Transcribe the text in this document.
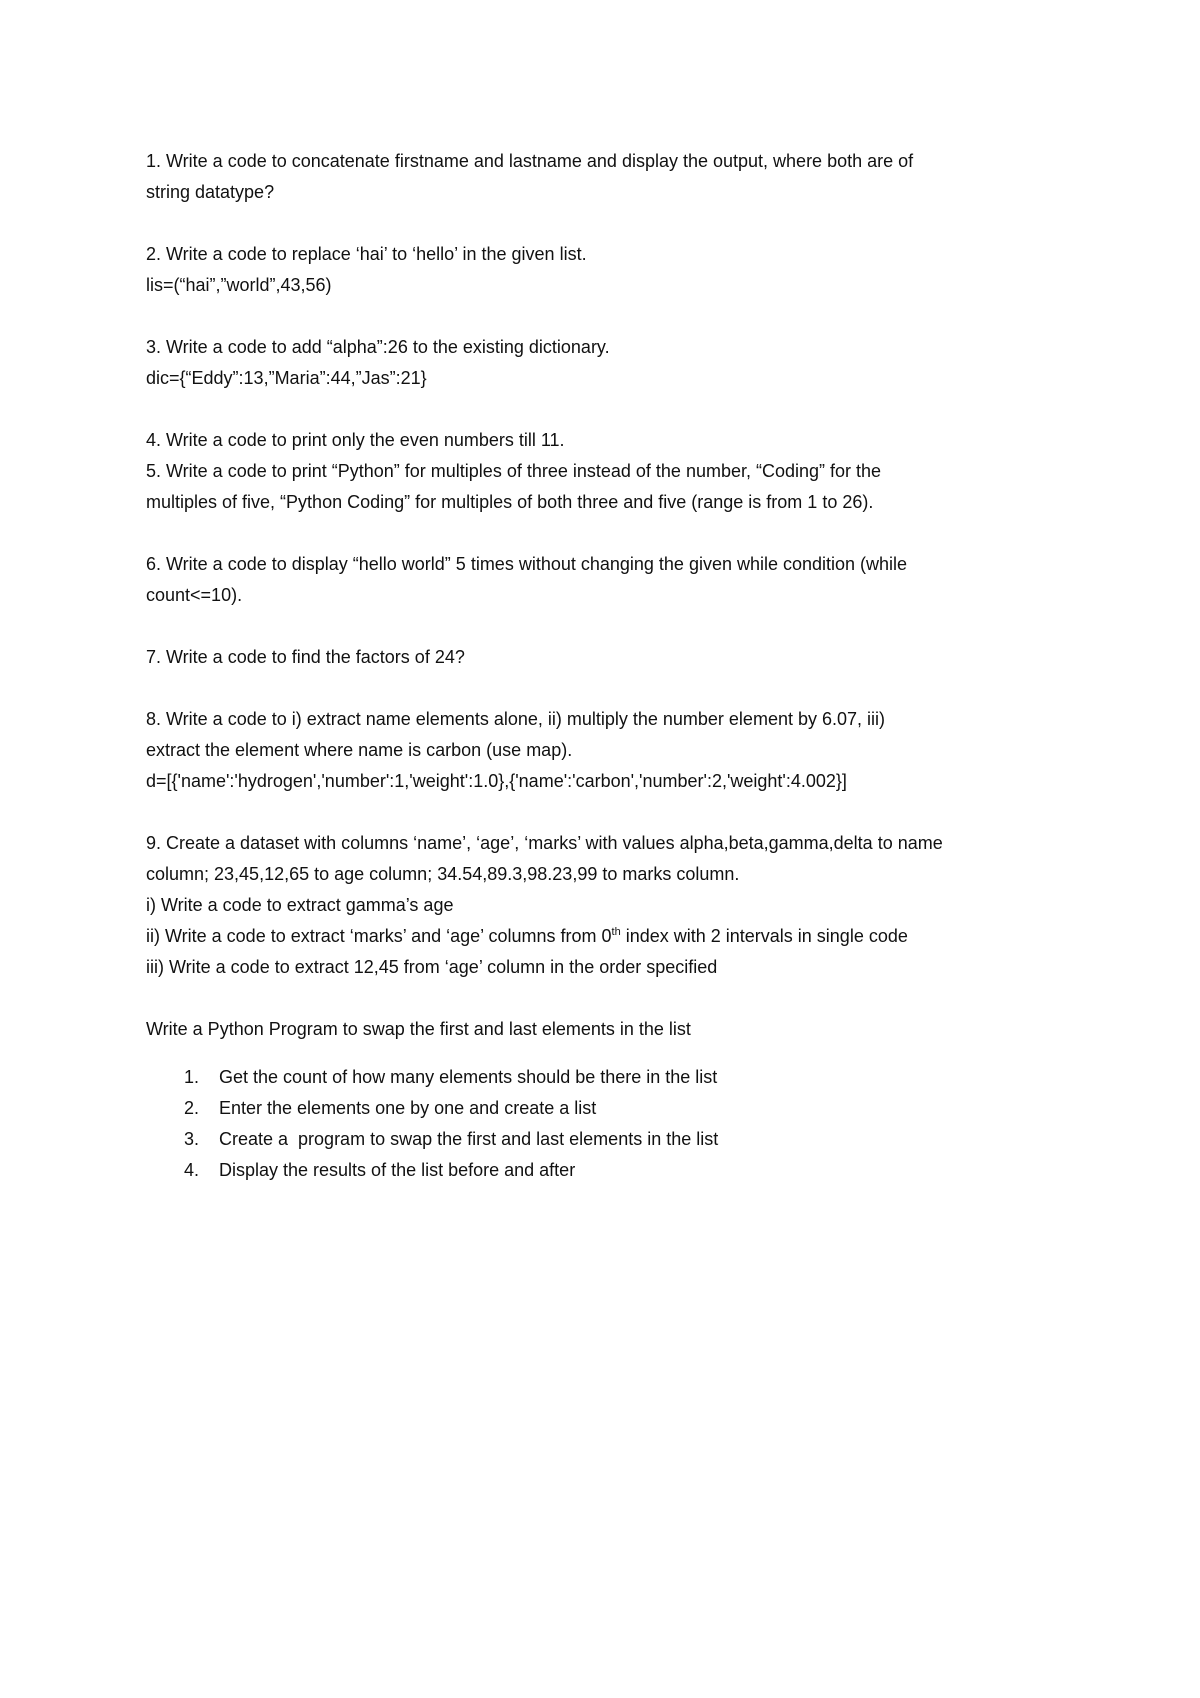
1. Write a code to concatenate firstname and lastname and display the output, where both are of
string datatype?
2. Write a code to replace ‘hai’ to ‘hello’ in the given list.
lis=(“hai”,”world”,43,56)
3. Write a code to add “alpha”:26 to the existing dictionary.
dic={“Eddy”:13,”Maria”:44,”Jas”:21}
4. Write a code to print only the even numbers till 11.
5. Write a code to print “Python” for multiples of three instead of the number, “Coding” for the
multiples of five, “Python Coding” for multiples of both three and five (range is from 1 to 26).
6. Write a code to display “hello world” 5 times without changing the given while condition (while
count<=10).
7. Write a code to find the factors of 24?
8. Write a code to i) extract name elements alone, ii) multiply the number element by 6.07, iii)
extract the element where name is carbon (use map).
d=[{'name':'hydrogen','number':1,'weight':1.0},{'name':'carbon','number':2,'weight':4.002}]
9. Create a dataset with columns ‘name’, ‘age’, ‘marks’ with values alpha,beta,gamma,delta to name
column; 23,45,12,65 to age column; 34.54,89.3,98.23,99 to marks column.
i) Write a code to extract gamma’s age
ii) Write a code to extract ‘marks’ and ‘age’ columns from 0th index with 2 intervals in single code
iii) Write a code to extract 12,45 from ‘age’ column in the order specified
Write a Python Program to swap the first and last elements in the list
1.	Get the count of how many elements should be there in the list
2.	Enter the elements one by one and create a list
3.	Create a  program to swap the first and last elements in the list
4.	Display the results of the list before and after
